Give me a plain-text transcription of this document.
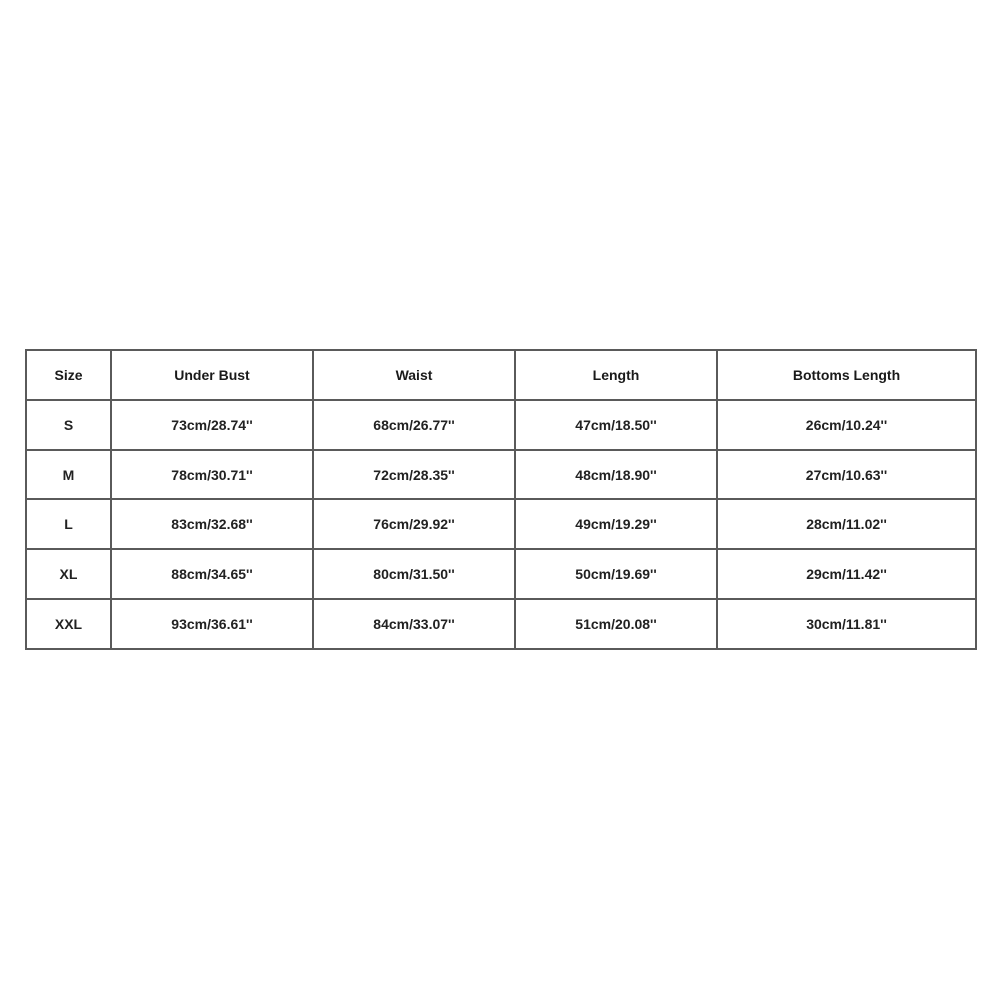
Size	Under Bust	Waist	Length	Bottoms Length
S	73cm/28.74''	68cm/26.77''	47cm/18.50''	26cm/10.24''
M	78cm/30.71''	72cm/28.35''	48cm/18.90''	27cm/10.63''
L	83cm/32.68''	76cm/29.92''	49cm/19.29''	28cm/11.02''
XL	88cm/34.65''	80cm/31.50''	50cm/19.69''	29cm/11.42''
XXL	93cm/36.61''	84cm/33.07''	51cm/20.08''	30cm/11.81''
